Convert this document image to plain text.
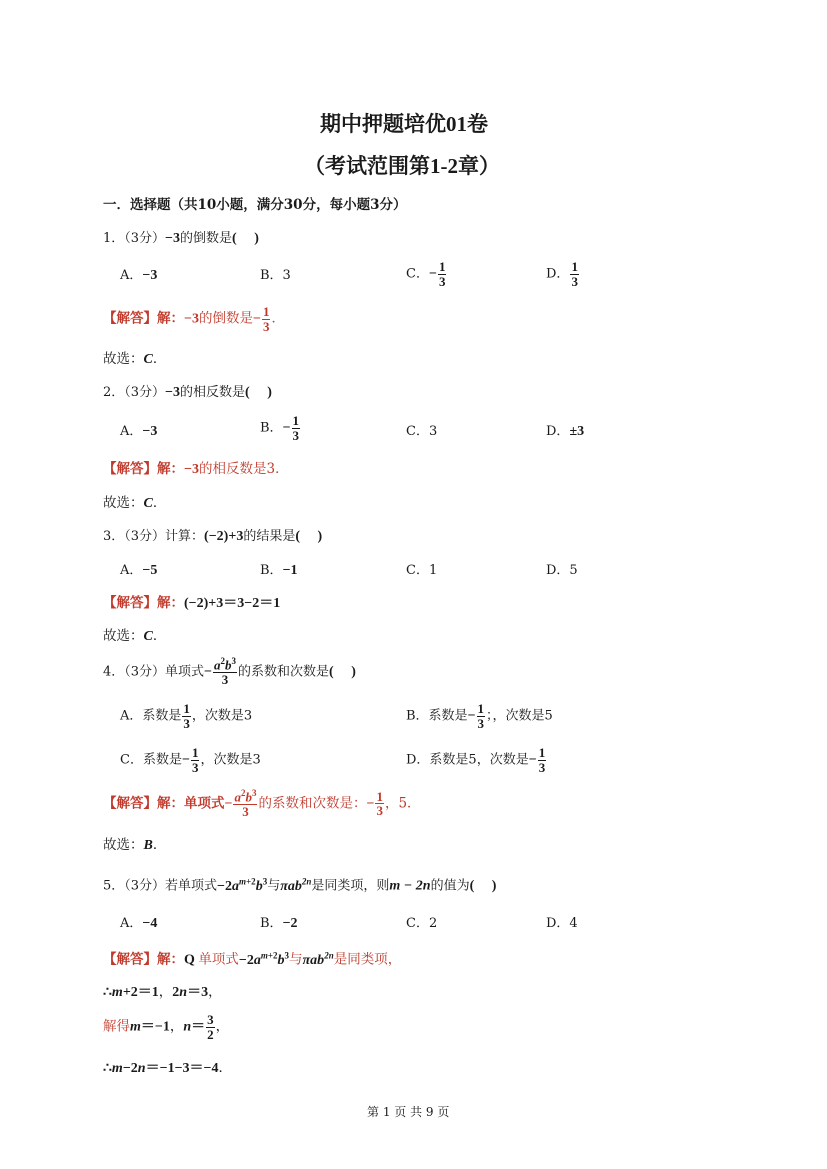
期中押题培优01卷
（考试范围第1-2章）
一．选择题（共10小题，满分30分，每小题3分）
1．（3分）−3的倒数是(     )
A．−3	B．3	C．− $\frac{1}{3}$	D． $\frac{1}{3}$
【解答】解：−3的倒数是− $\frac{1}{3}$ ．
故选：C．
2．（3分）−3的相反数是(     )
A．−3	B．− $\frac{1}{3}$	C．3	D．±3
【解答】解：−3的相反数是3．
故选：C．
3．（3分）计算：(−2)+3的结果是(     )
A．−5	B．−1	C．1	D．5
【解答】解：(−2)+3＝3−2＝1
故选：C．
4．（3分）单项式− $\frac{a^2b^3}{3}$ 的系数和次数是(     )
A．系数是 $\frac{1}{3}$ ，次数是3	B．系数是− $\frac{1}{3}$ ；，次数是5
C．系数是− $\frac{1}{3}$ ，次数是3	D．系数是5，次数是− $\frac{1}{3}$
【解答】解：单项式− $\frac{a^2b^3}{3}$ 的系数和次数是：− $\frac{1}{3}$ ，5．
故选：B．
5．（3分）若单项式$-2a^{m+2}b^3$与πab$^{2n}$是同类项，则m − 2n的值为(     )
A．−4	B．−2	C．2	D．4
【解答】解：Q 单项式$-2a^{m+2}b^3$与πab$^{2n}$是同类项，
∴m+2＝1，2n＝3，
解得m＝−1，$n= \frac{3}{2}$ ，
∴m−2n＝−1−3＝−4．
第 1 页 共 9 页
